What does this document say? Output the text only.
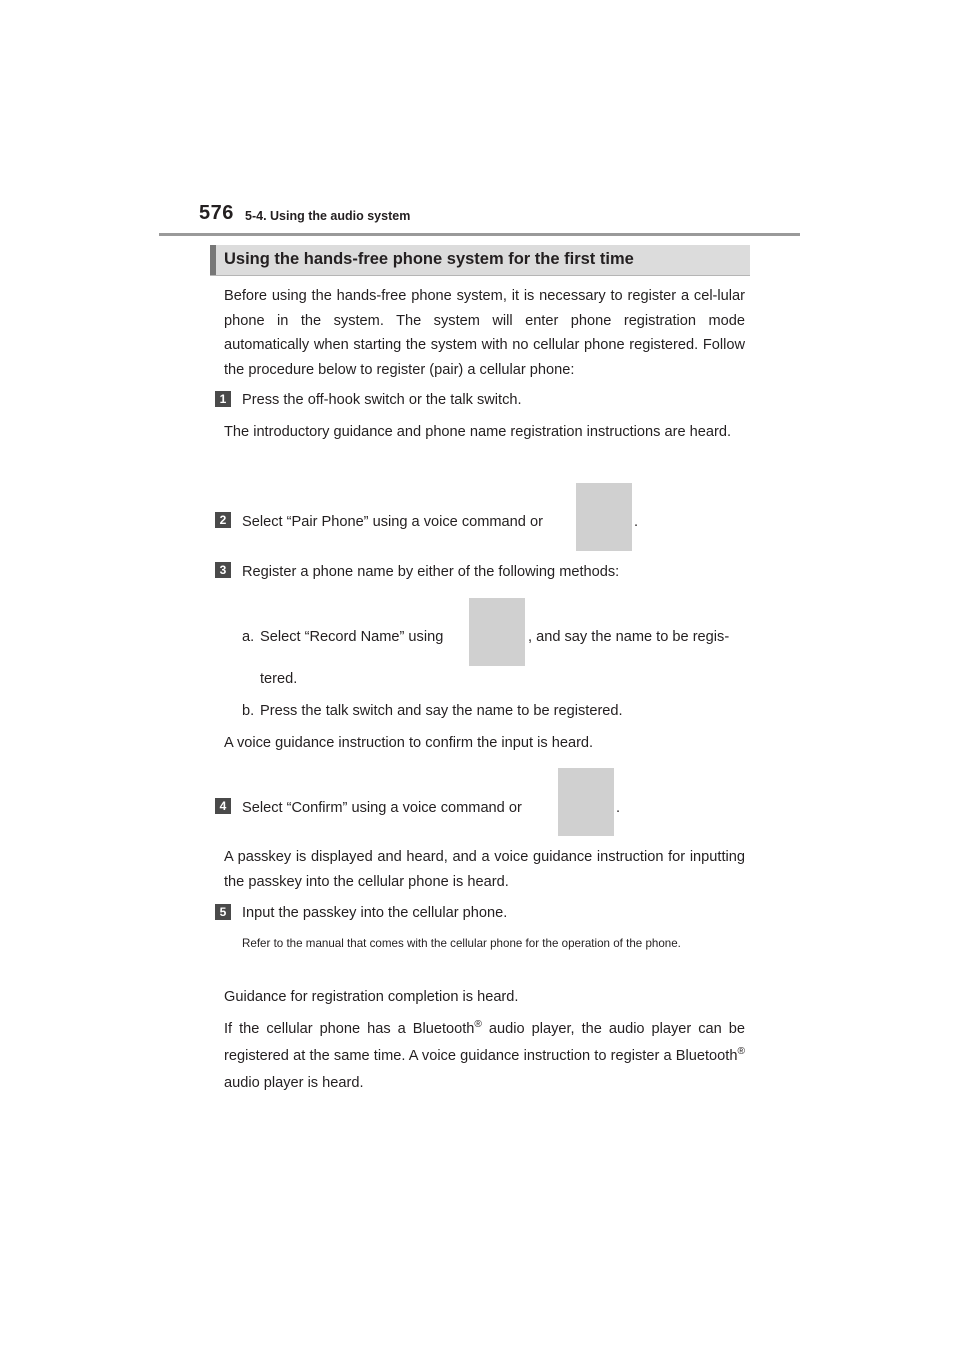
576 5-4. Using the audio system
Using the hands-free phone system for the first time
Before using the hands-free phone system, it is necessary to register a cel-lular phone in the system. The system will enter phone registration mode automatically when starting the system with no cellular phone registered. Follow the procedure below to register (pair) a cellular phone:
1	Press the off-hook switch or the talk switch.
The introductory guidance and phone name registration instructions are heard.
2	Select “Pair Phone” using a voice command or	.
3	Register a phone name by either of the following methods:
a. Select “Record Name” using	, and say the name to be regis-
tered.
b. Press the talk switch and say the name to be registered.
A voice guidance instruction to confirm the input is heard.
4	Select “Confirm” using a voice command or	.
A passkey is displayed and heard, and a voice guidance instruction for inputting the passkey into the cellular phone is heard.
5	Input the passkey into the cellular phone.
Refer to the manual that comes with the cellular phone for the operation of the phone.
Guidance for registration completion is heard.
If the cellular phone has a Bluetooth® audio player, the audio player can be registered at the same time. A voice guidance instruction to register a Bluetooth® audio player is heard.
